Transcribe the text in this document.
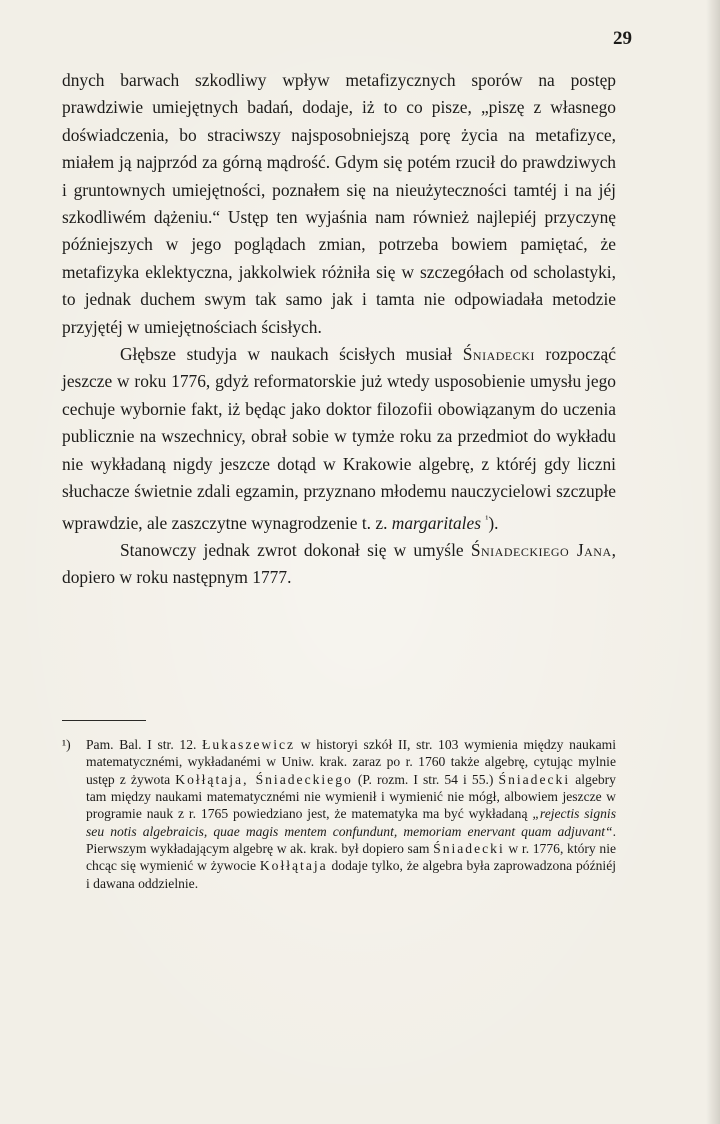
29

dnych barwach szkodliwy wpływ metafizycznych sporów na postęp prawdziwie umiejętnych badań, dodaje, iż to co pisze, „piszę z własnego doświadczenia, bo straciwszy najsposobniejszą porę życia na metafizyce, miałem ją najprzód za górną mądrość. Gdym się potém rzucił do prawdziwych i gruntownych umiejętności, poznałem się na nieużyteczności tamtéj i na jéj szkodliwém dążeniu.“ Ustęp ten wyjaśnia nam również najlepiéj przyczynę późniejszych w jego poglądach zmian, potrzeba bowiem pamiętać, że metafizyka eklektyczna, jakkolwiek różniła się w szczegółach od scholastyki, to jednak duchem swym tak samo jak i tamta nie odpowiadała metodzie przyjętéj w umiejętnościach ścisłych.

Głębsze studyja w naukach ścisłych musiał Śniadecki rozpocząć jeszcze w roku 1776, gdyż reformatorskie już wtedy usposobienie umysłu jego cechuje wybornie fakt, iż będąc jako doktor filozofii obowiązanym do uczenia publicznie na wszechnicy, obrał sobie w tymże roku za przedmiot do wykładu nie wykładaną nigdy jeszcze dotąd w Krakowie algebrę, z któréj gdy liczni słuchacze świetnie zdali egzamin, przyznano młodemu nauczycielowi szczupłe wprawdzie, ale zaszczytne wynagrodzenie t. z. margaritales $^{^1}$).

Stanowczy jednak zwrot dokonał się w umyśle Śniadeckiego Jana, dopiero w roku następnym 1777.

¹) Pam. Bal. I str. 12. Łukaszewicz w historyi szkół II, str. 103 wymienia między naukami matematycznémi, wykładanémi w Uniw. krak. zaraz po r. 1760 także algebrę, cytując mylnie ustęp z żywota Kołłątaja, Śniadeckiego (P. rozm. I str. 54 i 55.) Śniadecki algebry tam między naukami matematycznémi nie wymienił i wymienić nie mógł, albowiem jeszcze w programie nauk z r. 1765 powiedziano jest, że matematyka ma być wykładaną „rejectis signis seu notis algebraicis, quae magis mentem confundunt, memoriam enervant quam adjuvant“. Pierwszym wykładającym algebrę w ak. krak. był dopiero sam Śniadecki w r. 1776, który nie chcąc się wymienić w żywocie Kołłątaja dodaje tylko, że algebra była zaprowadzona późniéj i dawana oddzielnie.
